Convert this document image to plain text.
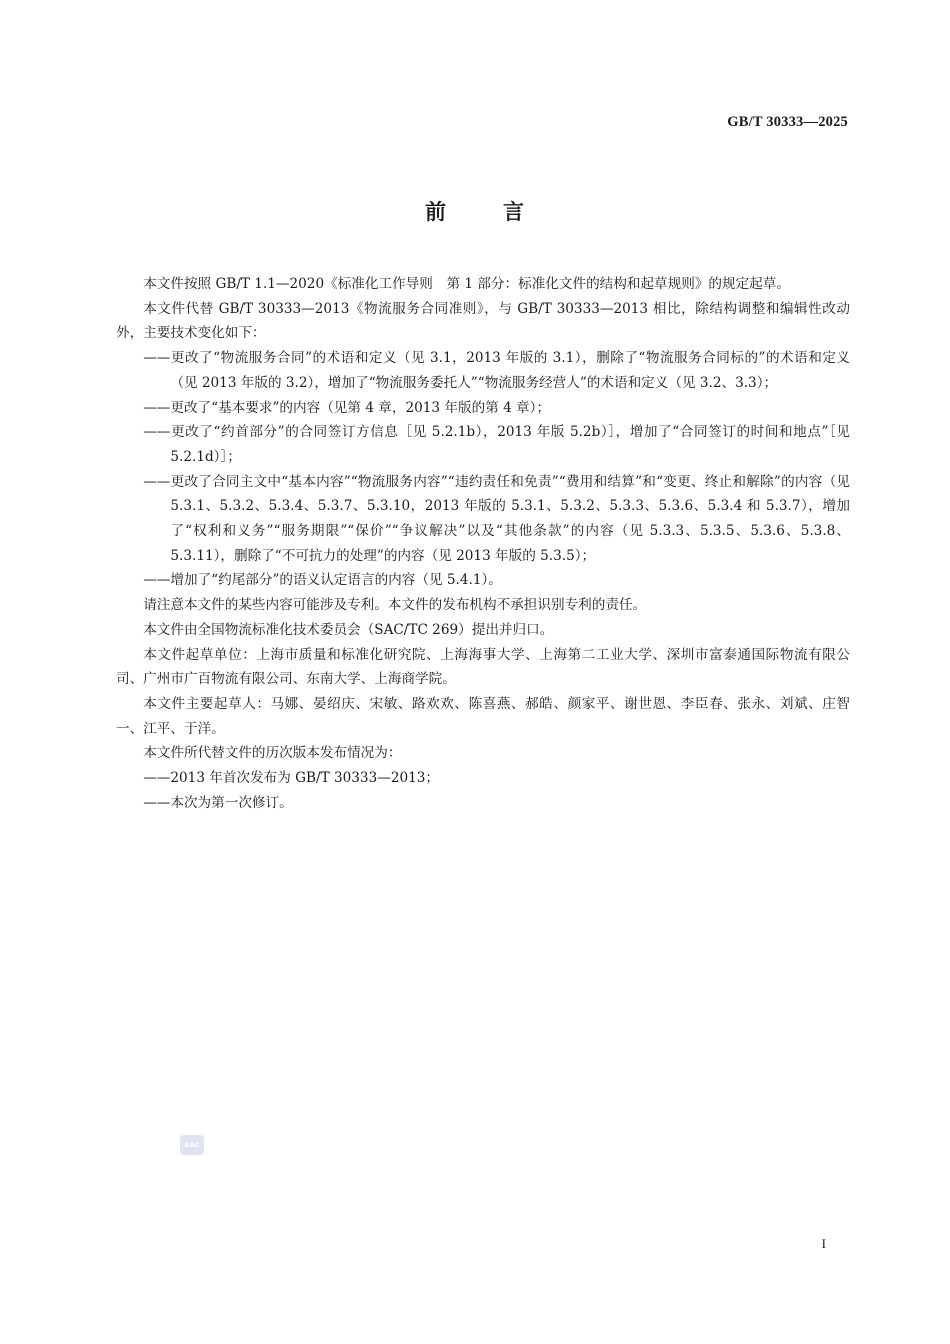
GB/T 30333—2025
前	言

本文件按照 GB/T 1.1—2020《标准化工作导则　第 1 部分：标准化文件的结构和起草规则》的规定起草。

本文件代替 GB/T 30333—2013《物流服务合同准则》，与 GB/T 30333—2013 相比，除结构调整和编辑性改动外，主要技术变化如下：

——更改了“物流服务合同”的术语和定义（见 3.1，2013 年版的 3.1），删除了“物流服务合同标的”的术语和定义（见 2013 年版的 3.2），增加了“物流服务委托人”“物流服务经营人”的术语和定义（见 3.2、3.3）；

——更改了“基本要求”的内容（见第 4 章，2013 年版的第 4 章）；

——更改了“约首部分”的合同签订方信息［见 5.2.1b），2013 年版 5.2b）］，增加了“合同签订的时间和地点”［见 5.2.1d）］；

——更改了合同主文中“基本内容”“物流服务内容”“违约责任和免责”“费用和结算”和“变更、终止和解除”的内容（见 5.3.1、5.3.2、5.3.4、5.3.7、5.3.10，2013 年版的 5.3.1、5.3.2、5.3.3、5.3.6、5.3.4 和 5.3.7），增加了“权利和义务”“服务期限”“保价”“争议解决”以及“其他条款”的内容（见 5.3.3、5.3.5、5.3.6、5.3.8、5.3.11），删除了“不可抗力的处理”的内容（见 2013 年版的 5.3.5）；

——增加了“约尾部分”的语义认定语言的内容（见 5.4.1）。

请注意本文件的某些内容可能涉及专利。本文件的发布机构不承担识别专利的责任。

本文件由全国物流标准化技术委员会（SAC/TC 269）提出并归口。

本文件起草单位：上海市质量和标准化研究院、上海海事大学、上海第二工业大学、深圳市富泰通国际物流有限公司、广州市广百物流有限公司、东南大学、上海商学院。

本文件主要起草人：马娜、晏绍庆、宋敏、路欢欢、陈喜燕、郝皓、颜家平、谢世恩、李臣春、张永、刘斌、庄智一、江平、于洋。

本文件所代替文件的历次版本发布情况为：

——2013 年首次发布为 GB/T 30333—2013；

——本次为第一次修订。

SAC
I
